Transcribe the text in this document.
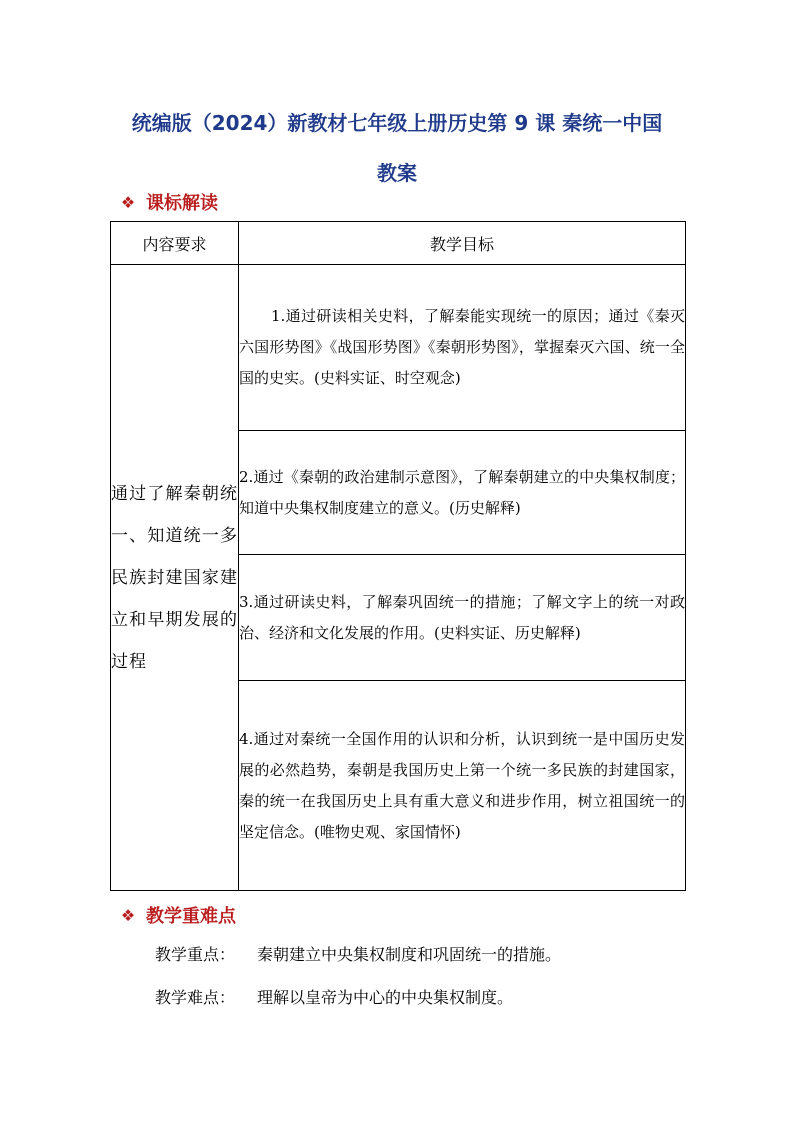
统编版（2024）新教材七年级上册历史第 9 课 秦统一中国
教案
❖ 课标解读
内容要求	教学目标
通过了解秦朝统一、知道统一多民族封建国家建立和早期发展的过程	1.通过研读相关史料，了解秦能实现统一的原因；通过《秦灭六国形势图》《战国形势图》《秦朝形势图》，掌握秦灭六国、统一全国的史实。(史料实证、时空观念)
	2.通过《秦朝的政治建制示意图》，了解秦朝建立的中央集权制度；知道中央集权制度建立的意义。(历史解释)
	3.通过研读史料，了解秦巩固统一的措施；了解文字上的统一对政治、经济和文化发展的作用。(史料实证、历史解释)
	4.通过对秦统一全国作用的认识和分析，认识到统一是中国历史发展的必然趋势，秦朝是我国历史上第一个统一多民族的封建国家，秦的统一在我国历史上具有重大意义和进步作用，树立祖国统一的坚定信念。(唯物史观、家国情怀)
❖ 教学重难点
教学重点：	秦朝建立中央集权制度和巩固统一的措施。
教学难点：	理解以皇帝为中心的中央集权制度。
